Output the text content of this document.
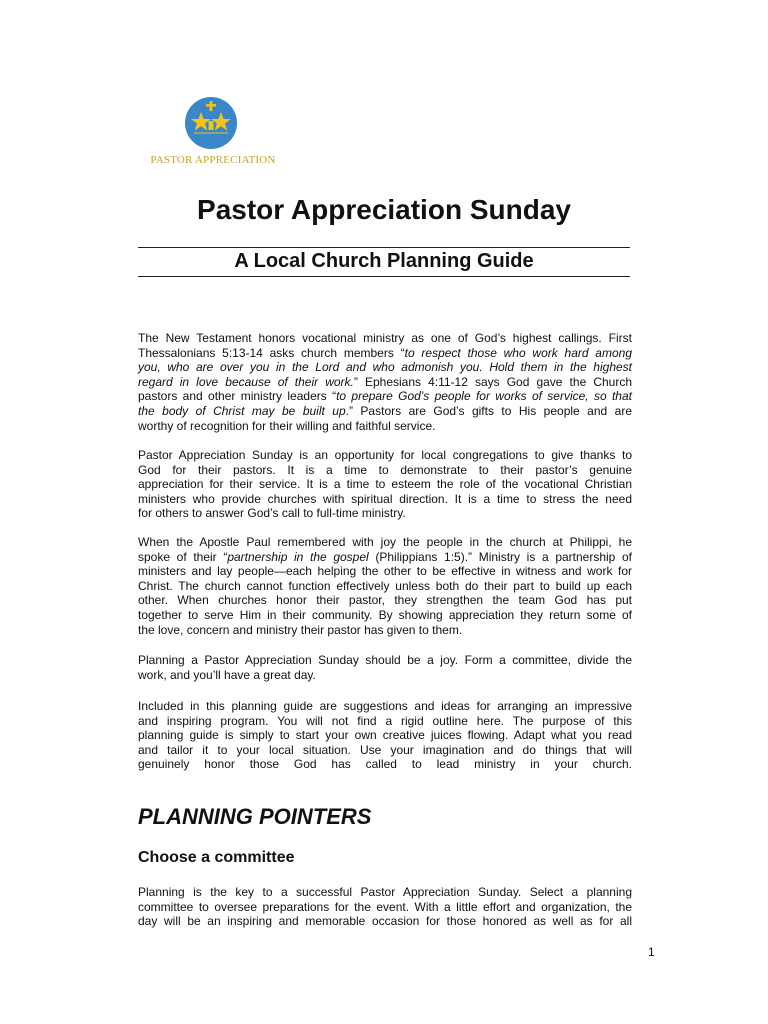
PASTOR APPRECIATION
Pastor Appreciation Sunday
A Local Church Planning Guide
The New Testament honors vocational ministry as one of God’s highest callings. First
Thessalonians 5:13-14 asks church members “to respect those who work hard among
you, who are over you in the Lord and who admonish you. Hold them in the highest
regard in love because of their work.” Ephesians 4:11-12 says God gave the Church
pastors and other ministry leaders “to prepare God’s people for works of service, so that
the body of Christ may be built up.” Pastors are God’s gifts to His people and are
worthy of recognition for their willing and faithful service.
Pastor Appreciation Sunday is an opportunity for local congregations to give thanks to
God for their pastors. It is a time to demonstrate to their pastor’s genuine
appreciation for their service. It is a time to esteem the role of the vocational Christian
ministers who provide churches with spiritual direction. It is a time to stress the need
for others to answer God’s call to full-time ministry.
When the Apostle Paul remembered with joy the people in the church at Philippi, he
spoke of their “partnership in the gospel (Philippians 1:5).” Ministry is a partnership of
ministers and lay people—each helping the other to be effective in witness and work for
Christ. The church cannot function effectively unless both do their part to build up each
other. When churches honor their pastor, they strengthen the team God has put
together to serve Him in their community. By showing appreciation they return some of
the love, concern and ministry their pastor has given to them.
Planning a Pastor Appreciation Sunday should be a joy. Form a committee, divide the
work, and you’ll have a great day.
Included in this planning guide are suggestions and ideas for arranging an impressive
and inspiring program. You will not find a rigid outline here. The purpose of this
planning guide is simply to start your own creative juices flowing. Adapt what you read
and tailor it to your local situation. Use your imagination and do things that will
genuinely honor those God has called to lead ministry in your church.
PLANNING POINTERS
Choose a committee
Planning is the key to a successful Pastor Appreciation Sunday. Select a planning
committee to oversee preparations for the event. With a little effort and organization, the
day will be an inspiring and memorable occasion for those honored as well as for all
1
